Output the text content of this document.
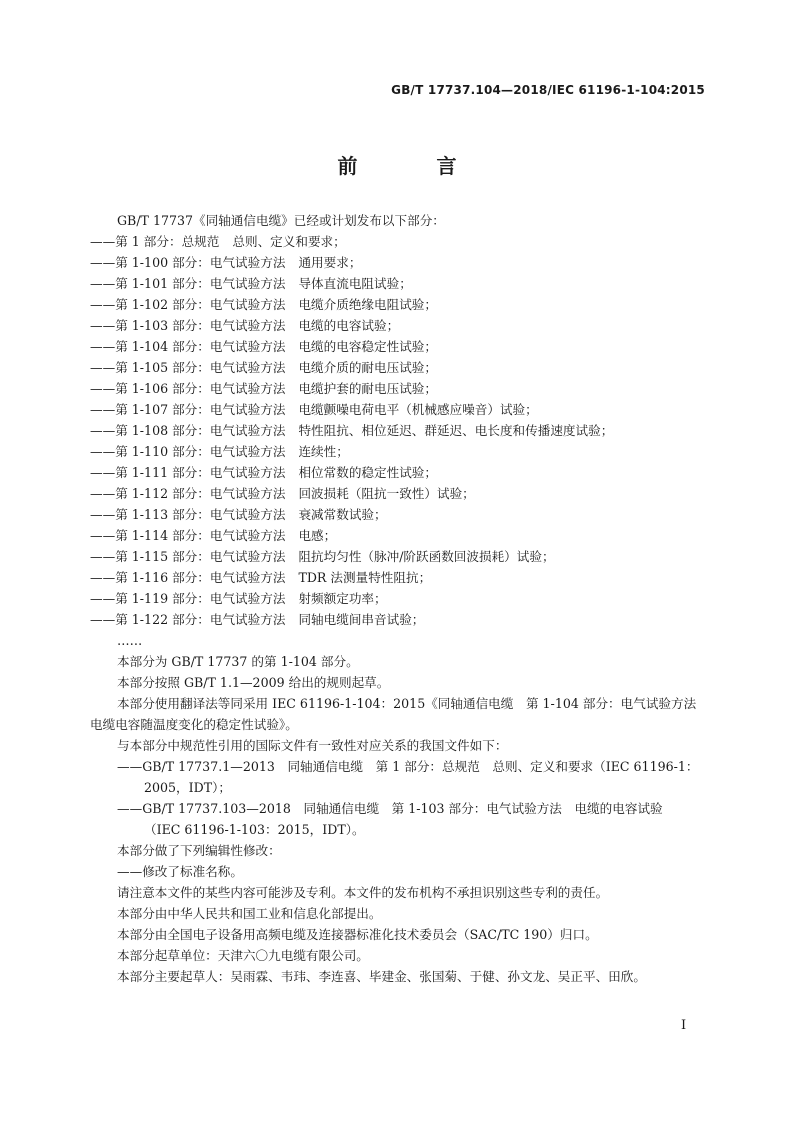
GB/T 17737.104—2018/IEC 61196-1-104:2015
前 言
GB/T 17737《同轴通信电缆》已经或计划发布以下部分：
——第 1 部分：总规范 总则、定义和要求；
——第 1-100 部分：电气试验方法 通用要求；
——第 1-101 部分：电气试验方法 导体直流电阻试验；
——第 1-102 部分：电气试验方法 电缆介质绝缘电阻试验；
——第 1-103 部分：电气试验方法 电缆的电容试验；
——第 1-104 部分：电气试验方法 电缆的电容稳定性试验；
——第 1-105 部分：电气试验方法 电缆介质的耐电压试验；
——第 1-106 部分：电气试验方法 电缆护套的耐电压试验；
——第 1-107 部分：电气试验方法 电缆颤噪电荷电平（机械感应噪音）试验；
——第 1-108 部分：电气试验方法 特性阻抗、相位延迟、群延迟、电长度和传播速度试验；
——第 1-110 部分：电气试验方法 连续性；
——第 1-111 部分：电气试验方法 相位常数的稳定性试验；
——第 1-112 部分：电气试验方法 回波损耗（阻抗一致性）试验；
——第 1-113 部分：电气试验方法 衰减常数试验；
——第 1-114 部分：电气试验方法 电感；
——第 1-115 部分：电气试验方法 阻抗均匀性（脉冲/阶跃函数回波损耗）试验；
——第 1-116 部分：电气试验方法 TDR 法测量特性阻抗；
——第 1-119 部分：电气试验方法 射频额定功率；
——第 1-122 部分：电气试验方法 同轴电缆间串音试验；
……
本部分为 GB/T 17737 的第 1-104 部分。
本部分按照 GB/T 1.1—2009 给出的规则起草。
本部分使用翻译法等同采用 IEC 61196-1-104：2015《同轴通信电缆　第 1-104 部分：电气试验方法
电缆电容随温度变化的稳定性试验》。
与本部分中规范性引用的国际文件有一致性对应关系的我国文件如下：
——GB/T 17737.1—2013　同轴通信电缆　第 1 部分：总规范　总则、定义和要求（IEC 61196-1：
2005，IDT）；
——GB/T 17737.103—2018　同轴通信电缆　第 1-103 部分：电气试验方法　电缆的电容试验
（IEC 61196-1-103：2015，IDT）。
本部分做了下列编辑性修改：
——修改了标准名称。
请注意本文件的某些内容可能涉及专利。本文件的发布机构不承担识别这些专利的责任。
本部分由中华人民共和国工业和信息化部提出。
本部分由全国电子设备用高频电缆及连接器标准化技术委员会（SAC/TC 190）归口。
本部分起草单位：天津六〇九电缆有限公司。
本部分主要起草人：吴雨霖、韦玮、李连喜、毕建金、张国菊、于健、孙文龙、吴正平、田欣。
I
